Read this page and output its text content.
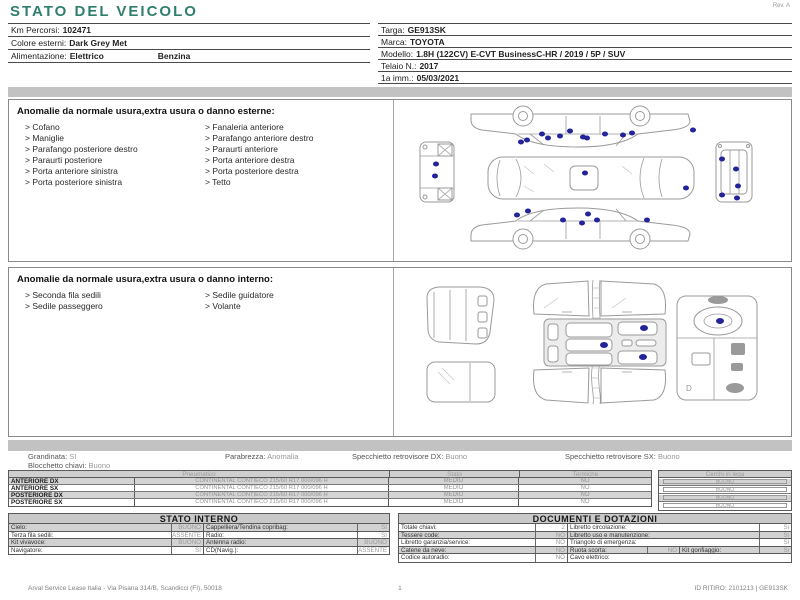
STATO DEL VEICOLO	Rev. A
Km Percorsi: 102471
Colore esterni: Dark Grey Met
Alimentazione: Elettrico	Benzina
Targa: GE913SK
Marca: TOYOTA
Modello: 1.8H (122CV) E-CVT BusinessC-HR / 2019 / 5P / SUV
Telaio N.: 2017
1a imm.: 05/03/2021
Anomalie da normale usura,extra usura o danno esterne:
> Cofano
> Maniglie
> Parafango posteriore destro
> Paraurti posteriore
> Porta anteriore sinistra
> Porta posteriore sinistra
> Fanaleria anteriore
> Parafango anteriore destro
> Paraurti anteriore
> Porta anteriore destra
> Porta posteriore destra
> Tetto
Anomalie da normale usura,extra usura o danno interno:
> Seconda fila sedili
> Sedile passeggero
> Sedile guidatore
> Volante
D
Grandinata: SI	Parabrezza: Anomalia	Specchietto retrovisore DX: Buono	Specchietto retrovisore SX: Buono
Blocchetto chiavi: Buono
Pneumatico	Stato	Termiche
ANTERIORE DX	CONTINENTAL CONTIECO 215/60 R17 000/096 H	MEDIO	NO
ANTERIORE SX	CONTINENTAL CONTIECO 215/60 R17 000/096 H	MEDIO	NO
POSTERIORE DX	CONTINENTAL CONTIECO 215/60 R17 000/096 H	MEDIO	NO
POSTERIORE SX	CONTINENTAL CONTIECO 215/60 R17 000/096 H	MEDIO	NO
Cerchi in lega
BUONO
BUONO
BUONO
BUONO
STATO INTERNO
Cielo:	BUONO Cappelliera/Tendina copribag:	SI
Terza fila sedili:	ASSENTE Radio:	SI
Kit vivavoce:	BUONO Antenna radio:	BUONO
Navigatore:	SI CD(Navig.):	ASSENTE
DOCUMENTI E DOTAZIONI
Totale chiavi:	2 Libretto circolazione:	Si
Tessere code:	NO Libretto uso e manutenzione:	Si
Libretto garanzia/service:	NO Triangolo di emergenza:	Si
Catene da neve:	NO Ruota scorta:	NO Kit gonfiaggio:	Si
Codice autoradio:	NO Cavo elettrico:
Arval Service Lease Italia - Via Pisana 314/B, Scandicci (FI), 50018	1	ID RITIRO: 2101213 | GE913SK
